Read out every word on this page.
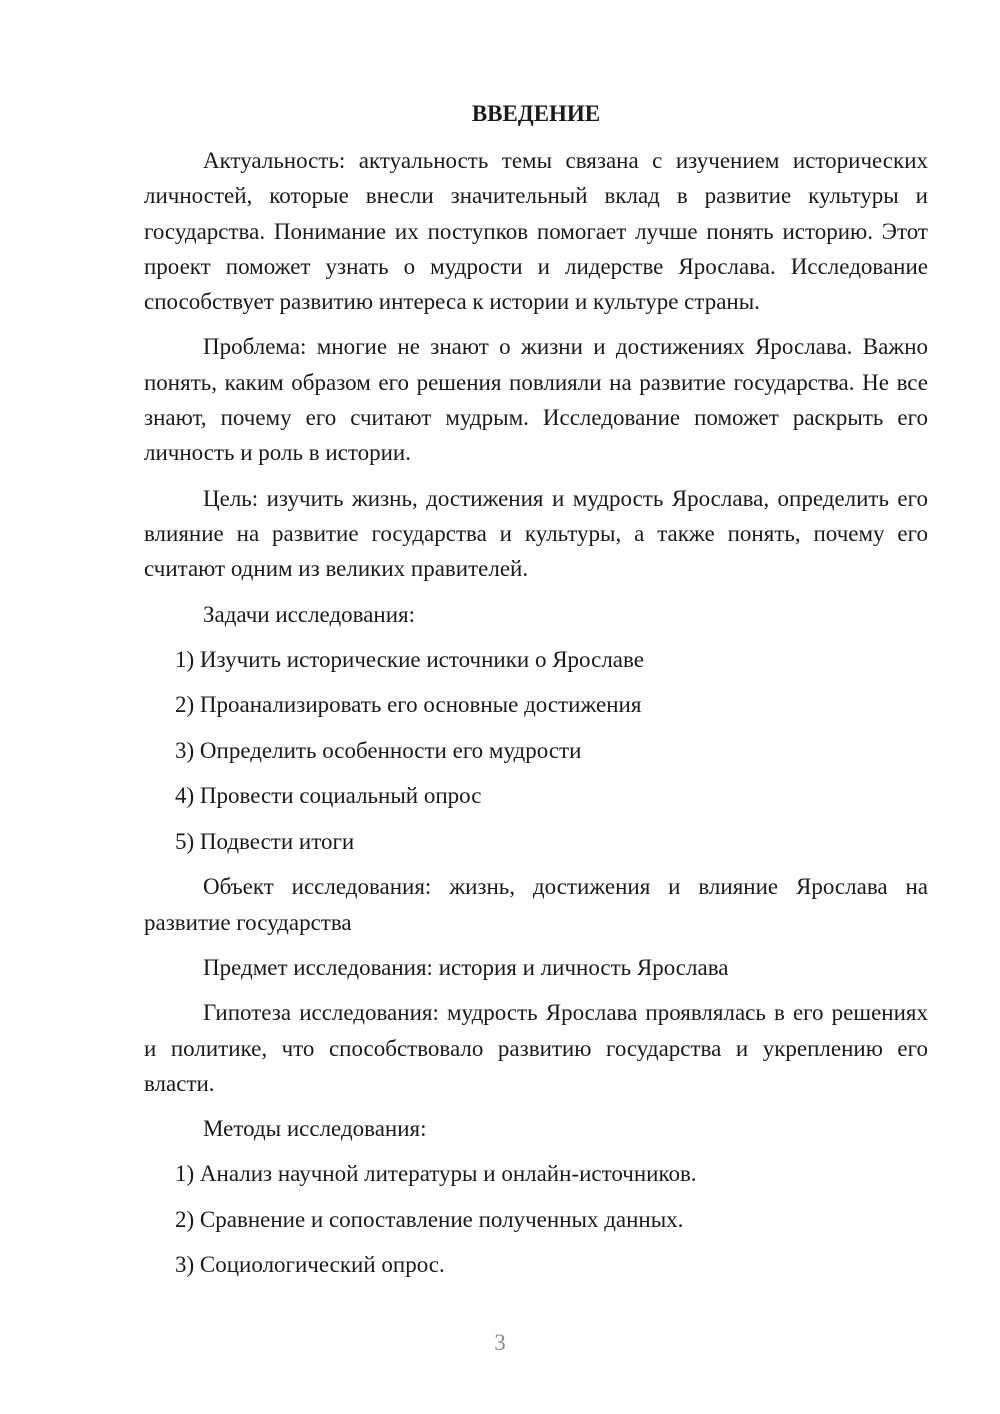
ВВЕДЕНИЕ

Актуальность: актуальность темы связана с изучением исторических личностей, которые внесли значительный вклад в развитие культуры и государства. Понимание их поступков помогает лучше понять историю. Этот проект поможет узнать о мудрости и лидерстве Ярослава. Исследование способствует развитию интереса к истории и культуре страны.

Проблема: многие не знают о жизни и достижениях Ярослава. Важно понять, каким образом его решения повлияли на развитие государства. Не все знают, почему его считают мудрым. Исследование поможет раскрыть его личность и роль в истории.

Цель: изучить жизнь, достижения и мудрость Ярослава, определить его влияние на развитие государства и культуры, а также понять, почему его считают одним из великих правителей.

Задачи исследования:

1) Изучить исторические источники о Ярославе
2) Проанализировать его основные достижения
3) Определить особенности его мудрости
4) Провести социальный опрос
5) Подвести итоги

Объект исследования: жизнь, достижения и влияние Ярослава на развитие государства

Предмет исследования: история и личность Ярослава

Гипотеза исследования: мудрость Ярослава проявлялась в его решениях и политике, что способствовало развитию государства и укреплению его власти.

Методы исследования:

1) Анализ научной литературы и онлайн-источников.
2) Сравнение и сопоставление полученных данных.
3) Социологический опрос.
3
